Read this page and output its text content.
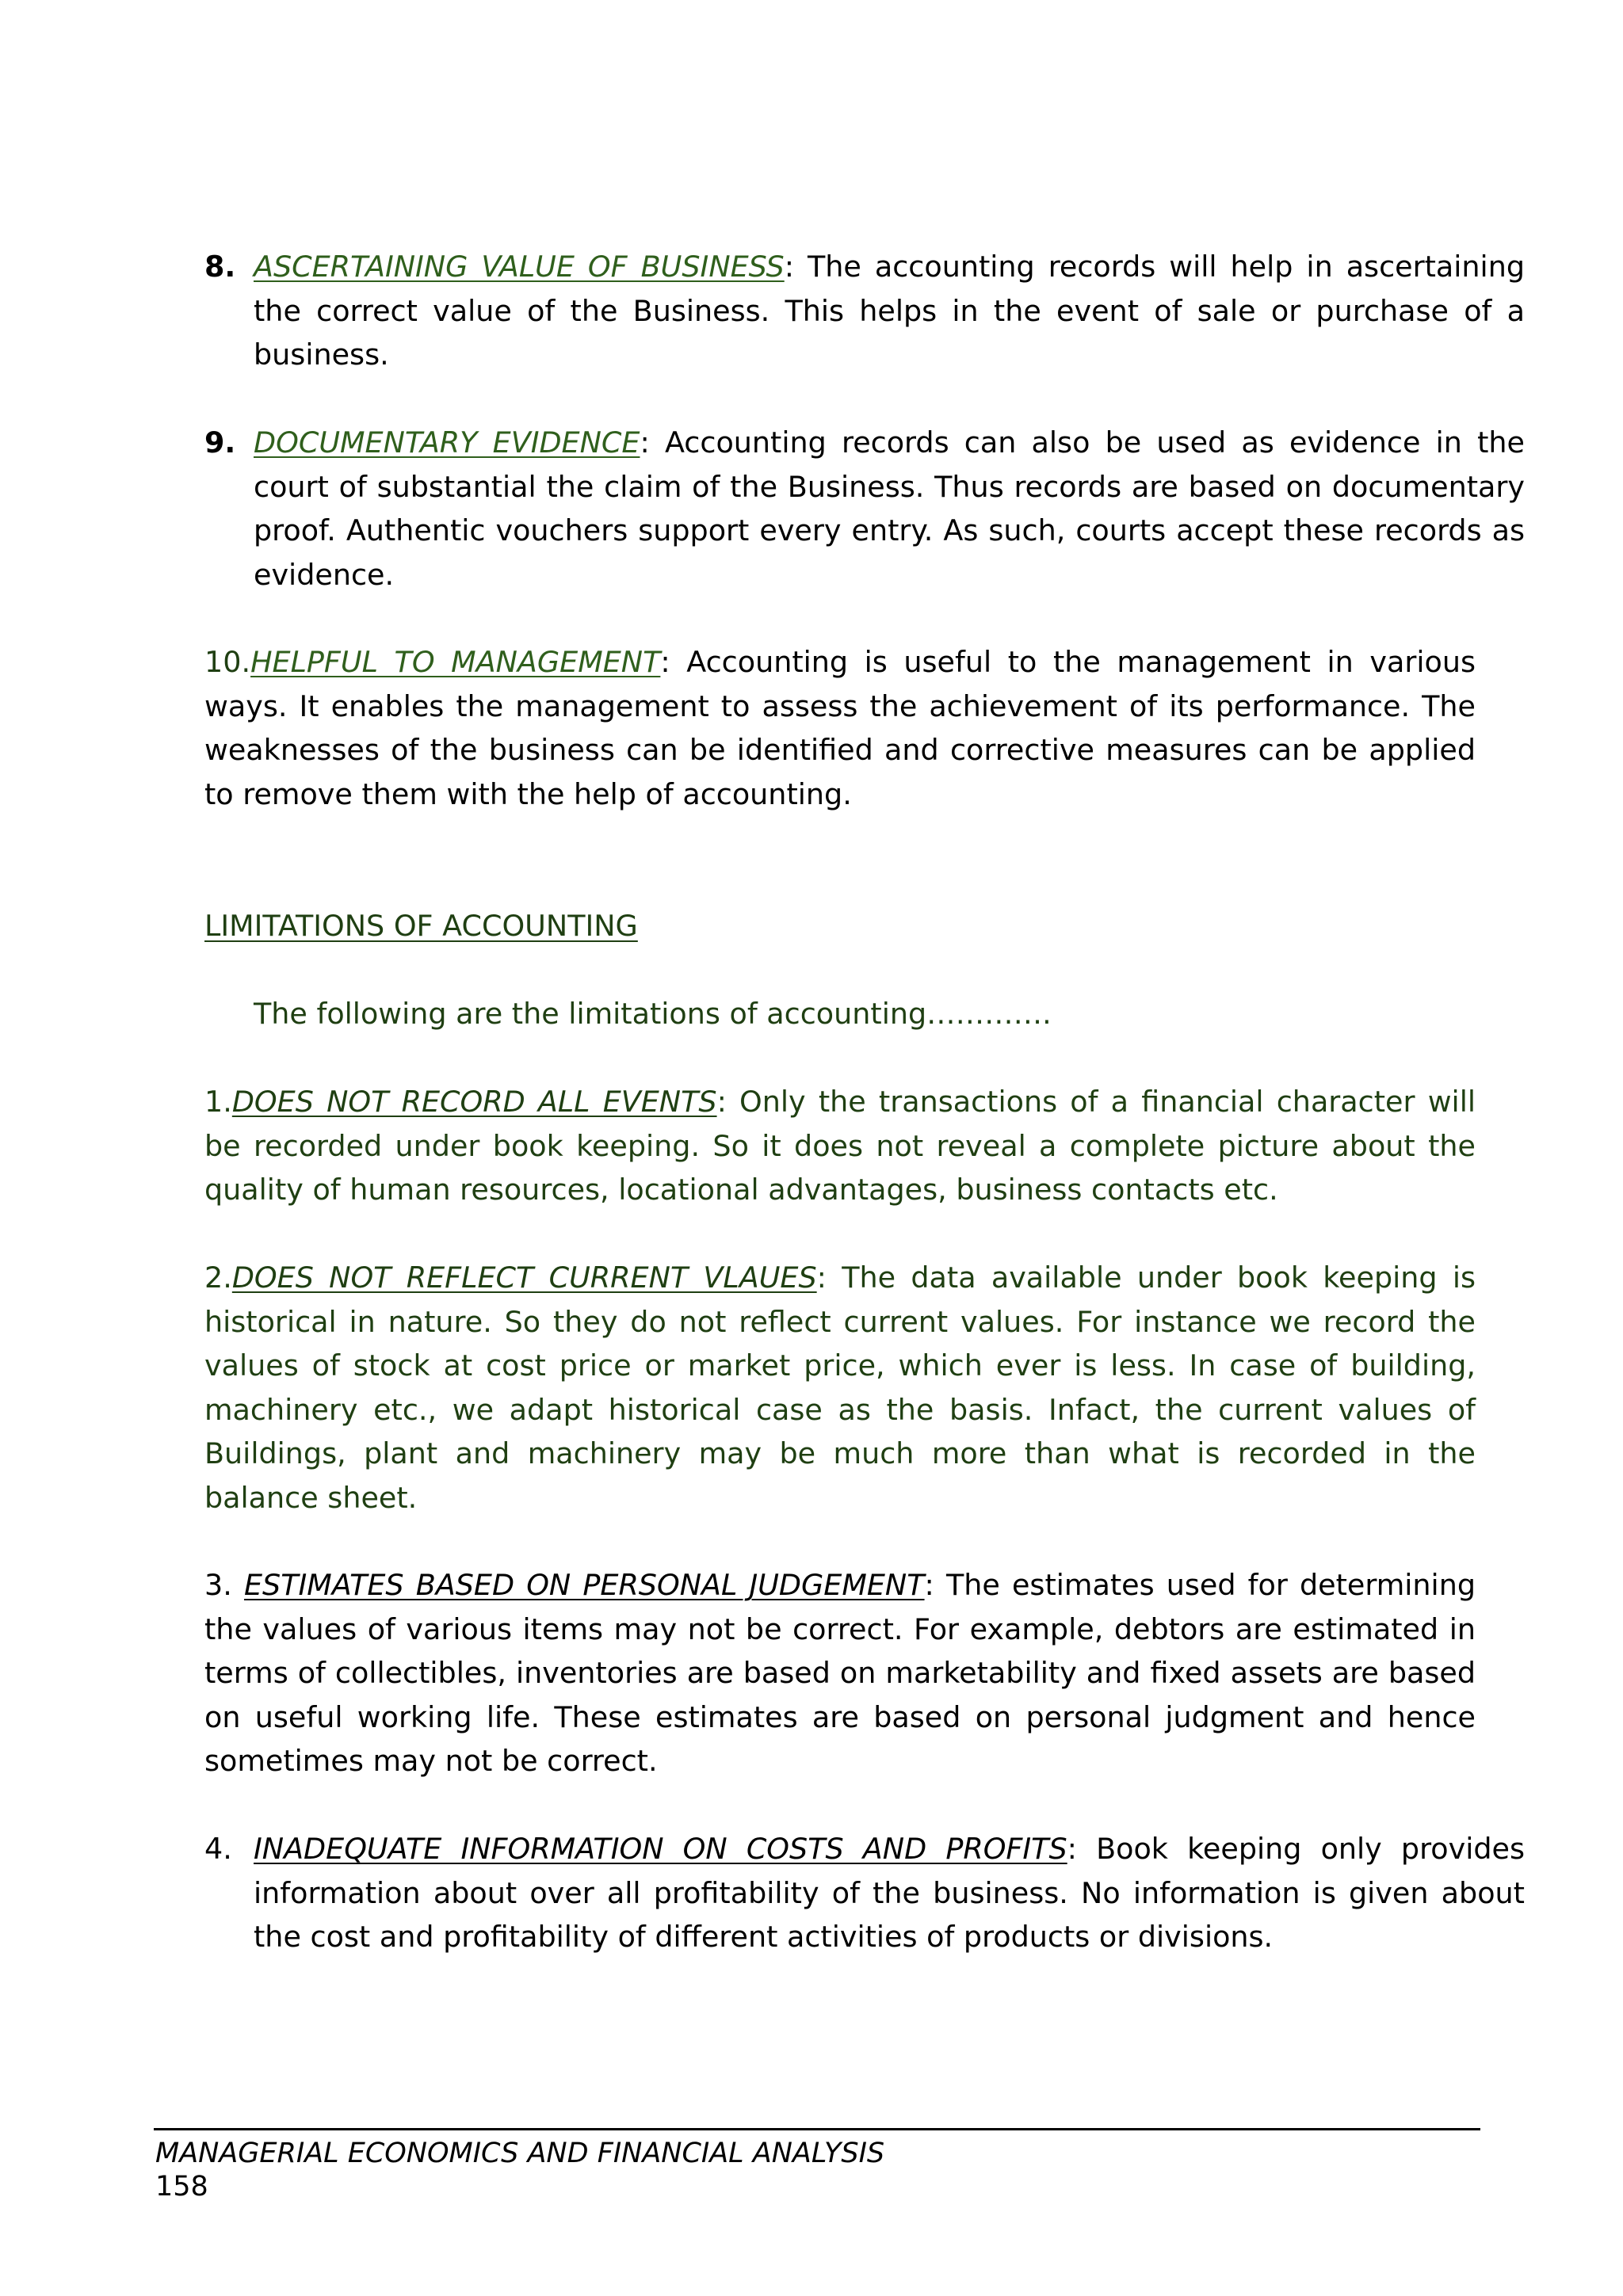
8. ASCERTAINING VALUE OF BUSINESS: The accounting records will help in ascertaining the correct value of the Business. This helps in the event of sale or purchase of a business.
9. DOCUMENTARY EVIDENCE: Accounting records can also be used as evidence in the court of substantial the claim of the Business. Thus records are based on documentary proof. Authentic vouchers support every entry. As such, courts accept these records as evidence.
10.HELPFUL TO MANAGEMENT: Accounting is useful to the management in various ways. It enables the management to assess the achievement of its performance. The weaknesses of the business can be identified and corrective measures can be applied to remove them with the help of accounting.
LIMITATIONS OF ACCOUNTING
The following are the limitations of accounting………….
1.DOES NOT RECORD ALL EVENTS: Only the transactions of a financial character will be recorded under book keeping. So it does not reveal a complete picture about the quality of human resources, locational advantages, business contacts etc.
2.DOES NOT REFLECT CURRENT VLAUES: The data available under book keeping is historical in nature. So they do not reflect current values. For instance we record the values of stock at cost price or market price, which ever is less. In case of building, machinery etc., we adapt historical case as the basis. Infact, the current values of Buildings, plant and machinery may be much more than what is recorded in the balance sheet.
3. ESTIMATES BASED ON PERSONAL JUDGEMENT: The estimates used for determining the values of various items may not be correct. For example, debtors are estimated in terms of collectibles, inventories are based on marketability and fixed assets are based on useful working life. These estimates are based on personal judgment and hence sometimes may not be correct.
4. INADEQUATE INFORMATION ON COSTS AND PROFITS: Book keeping only provides information about over all profitability of the business. No information is given about the cost and profitability of different activities of products or divisions.
MANAGERIAL ECONOMICS AND FINANCIAL ANALYSIS
158
